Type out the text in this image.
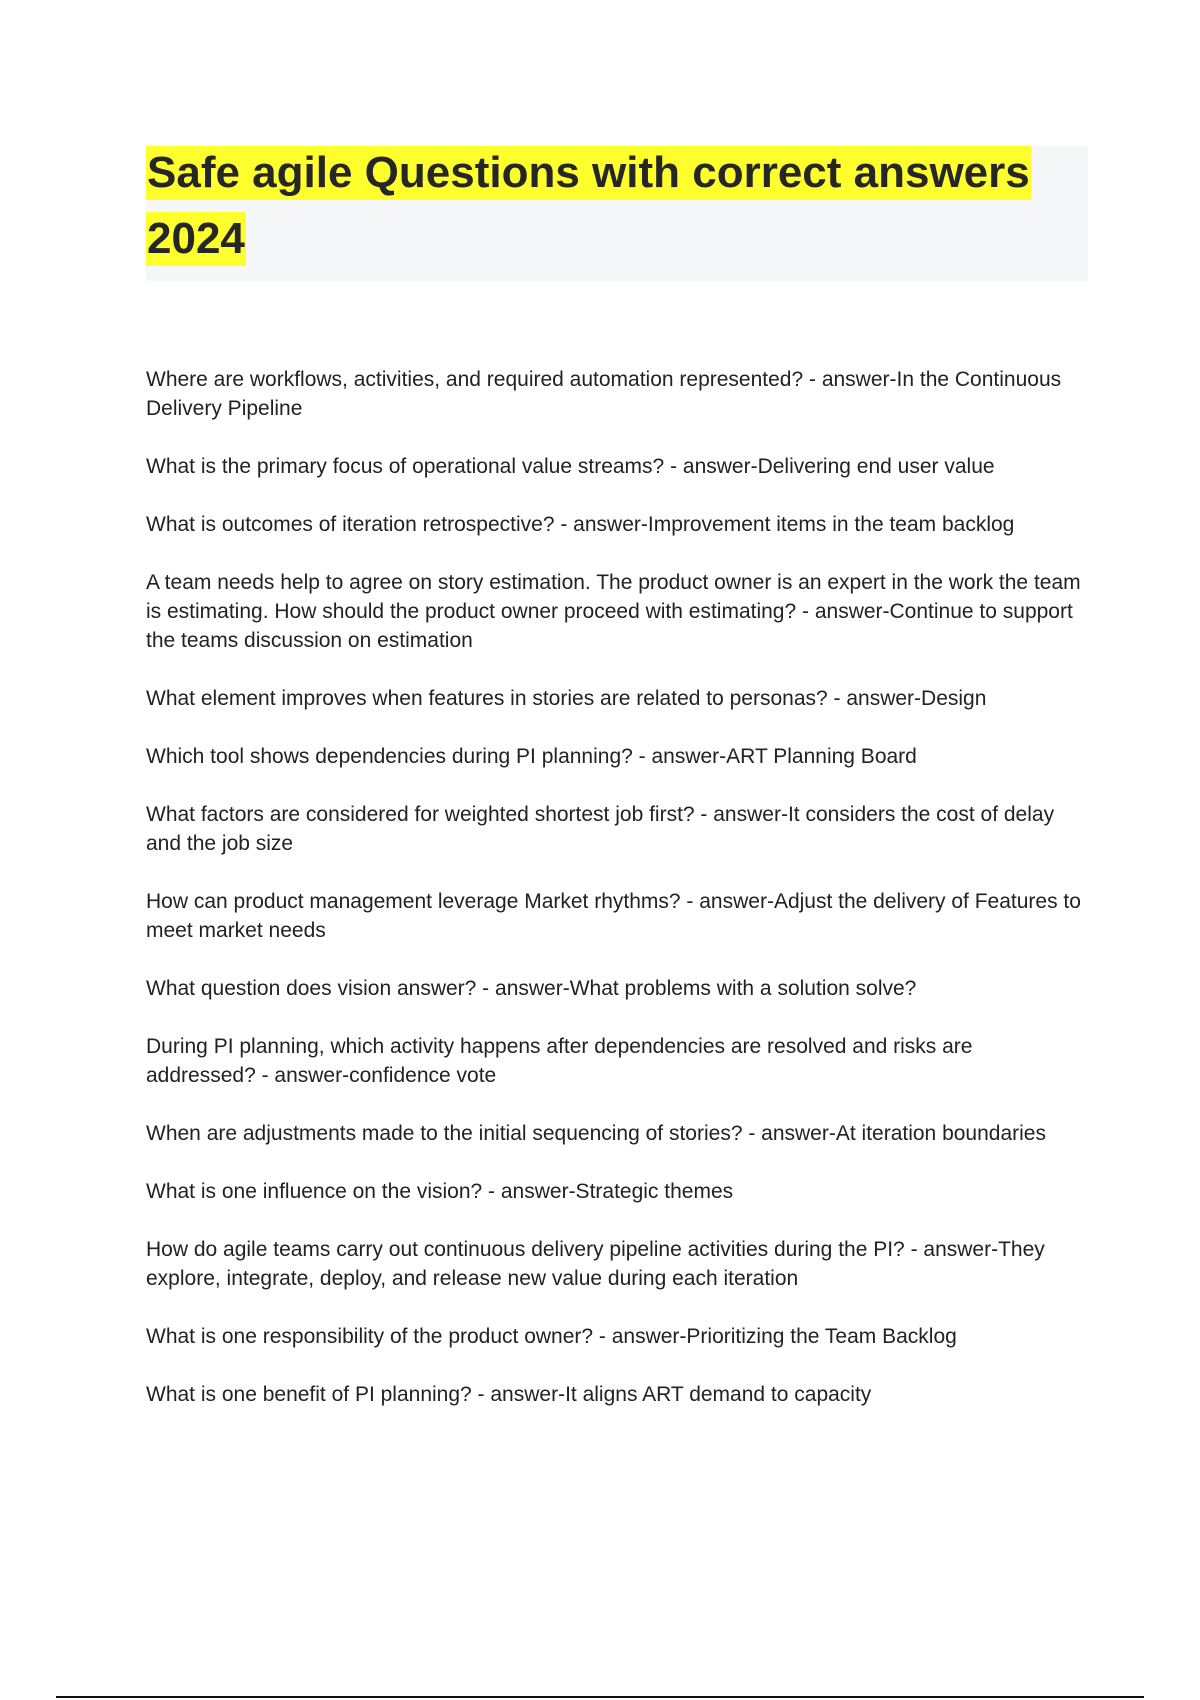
Safe agile Questions with correct answers
2024

Where are workflows, activities, and required automation represented? - answer-In the Continuous Delivery Pipeline

What is the primary focus of operational value streams? - answer-Delivering end user value

What is outcomes of iteration retrospective? - answer-Improvement items in the team backlog

A team needs help to agree on story estimation. The product owner is an expert in the work the team is estimating. How should the product owner proceed with estimating? - answer-Continue to support the teams discussion on estimation

What element improves when features in stories are related to personas? - answer-Design

Which tool shows dependencies during PI planning? - answer-ART Planning Board

What factors are considered for weighted shortest job first? - answer-It considers the cost of delay and the job size

How can product management leverage Market rhythms? - answer-Adjust the delivery of Features to meet market needs

What question does vision answer? - answer-What problems with a solution solve?

During PI planning, which activity happens after dependencies are resolved and risks are addressed? - answer-confidence vote

When are adjustments made to the initial sequencing of stories? - answer-At iteration boundaries

What is one influence on the vision? - answer-Strategic themes

How do agile teams carry out continuous delivery pipeline activities during the PI? - answer-They explore, integrate, deploy, and release new value during each iteration

What is one responsibility of the product owner? - answer-Prioritizing the Team Backlog

What is one benefit of PI planning? - answer-It aligns ART demand to capacity
